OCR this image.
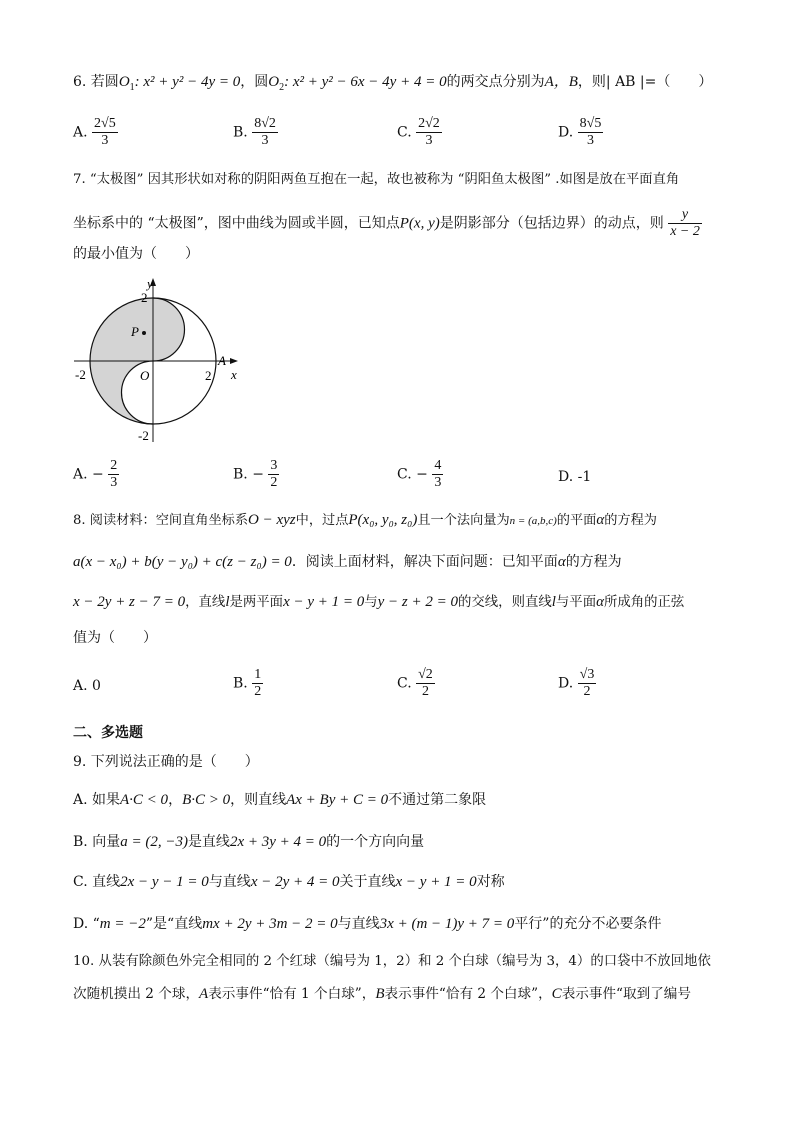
6. 若圆$O_1$: x² + y² − 4y = 0，圆$O_2$: x² + y² − 6x − 4y + 4 = 0的两交点分别为A，B，则| AB |=（　　）
A. $\frac{2√5}{3}$	B. $\frac{8√2}{3}$	C. $\frac{2√2}{3}$	D. $\frac{8√5}{3}$
7. “太极图” 因其形状如对称的阴阳两鱼互抱在一起，故也被称为 “阴阳鱼太极图” .如图是放在平面直角
坐标系中的 “太极图”，图中曲线为圆或半圆，已知点P(x, y)是阴影部分（包括边界）的动点，则 $\frac{y}{x - 2}$
的最小值为（　　）
y
x
O
P
A
2
-2
-2	2
A. − $\frac{2}{3}$	B. − $\frac{3}{2}$	C. − $\frac{4}{3}$	D. -1
8. 阅读材料：空间直角坐标系O − xyz中，过点P(x₀, y₀, z₀)且一个法向量为n = (a,b,c)的平面α的方程为
a(x − x₀) + b(y − y₀) + c(z − z₀) = 0．阅读上面材料，解决下面问题：已知平面α的方程为
x − 2y + z − 7 = 0，直线l是两平面x − y + 1 = 0与y − z + 2 = 0的交线，则直线l与平面α所成角的正弦
值为（　　）
A. 0	B. $\frac{1}{2}$	C. $\frac{√2}{2}$	D. $\frac{√3}{2}$
二、多选题
9. 下列说法正确的是（　　）
A. 如果A·C < 0，B·C > 0，则直线Ax + By + C = 0不通过第二象限
B. 向量a = (2, −3)是直线2x + 3y + 4 = 0的一个方向向量
C. 直线2x − y − 1 = 0与直线x − 2y + 4 = 0关于直线x − y + 1 = 0对称
D. “m = −2”是“直线mx + 2y + 3m − 2 = 0与直线3x + (m − 1)y + 7 = 0平行”的充分不必要条件
10. 从装有除颜色外完全相同的 2 个红球（编号为 1，2）和 2 个白球（编号为 3，4）的口袋中不放回地依
次随机摸出 2 个球，A表示事件“恰有 1 个白球”，B表示事件“恰有 2 个白球”，C表示事件“取到了编号
